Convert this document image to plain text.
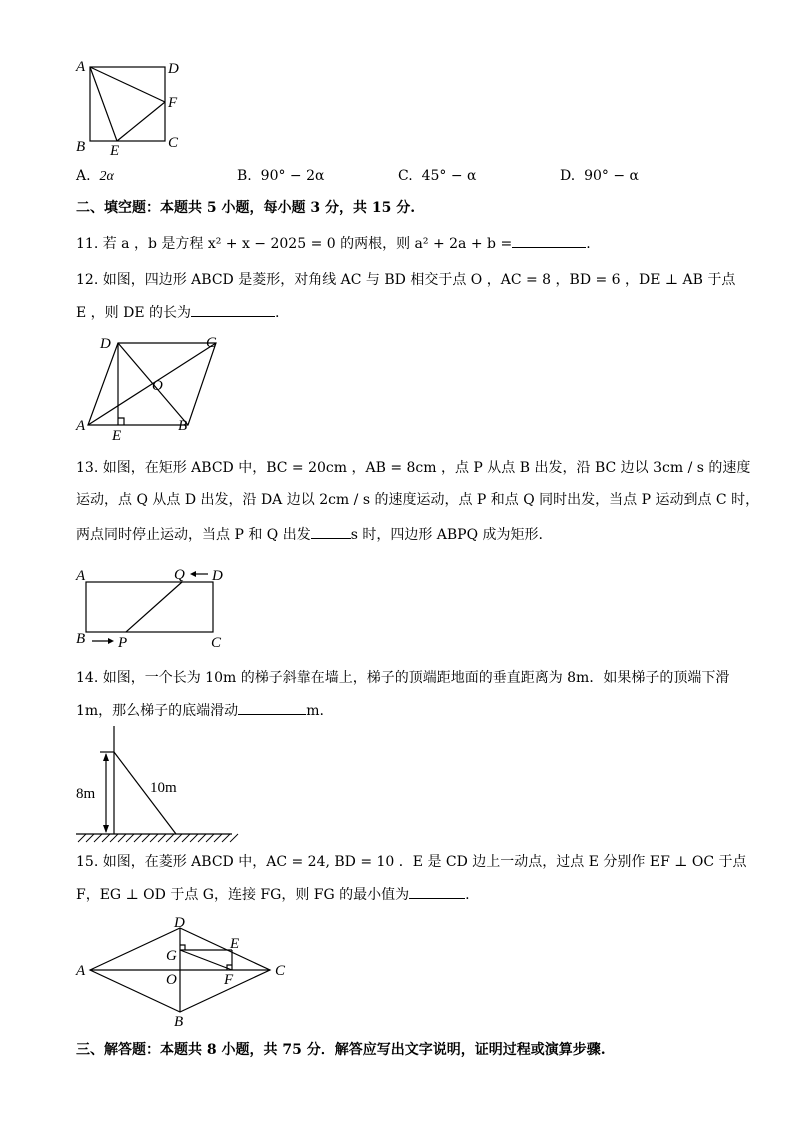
A	D
F
B E	C
A. 2α	B. 90° − 2α	C. 45° − α	D. 90° − α
二、填空题：本题共 5 小题，每小题 3 分，共 15 分.
11. 若 a ，b 是方程 x² + x − 2025 = 0 的两根，则 a² + 2a + b =	.
12. 如图，四边形 ABCD 是菱形，对角线 AC 与 BD 相交于点 O ，AC = 8 ，BD = 6 ，DE ⊥ AB 于点
E ，则 DE 的长为	.
D	C
O
A
E
B
13. 如图，在矩形 ABCD 中，BC = 20cm ，AB = 8cm ，点 P 从点 B 出发，沿 BC 边以 3cm / s 的速度
运动，点 Q 从点 D 出发，沿 DA 边以 2cm / s 的速度运动，点 P 和点 Q 同时出发，当点 P 运动到点 C 时，
两点同时停止运动，当点 P 和 Q 出发	s 时，四边形 ABPQ 成为矩形.
A	Q D
B P	C
14. 如图，一个长为 10m 的梯子斜靠在墙上，梯子的顶端距地面的垂直距离为 8m．如果梯子的顶端下滑
1m，那么梯子的底端滑动	m.
8m	10m
15. 如图，在菱形 ABCD 中，AC = 24, BD = 10 ．E 是 CD 边上一动点，过点 E 分别作 EF ⊥ OC 于点
F，EG ⊥ OD 于点 G，连接 FG，则 FG 的最小值为	.
D
E
G
A
O	F
C
B
三、解答题：本题共 8 小题，共 75 分．解答应写出文字说明，证明过程或演算步骤.
